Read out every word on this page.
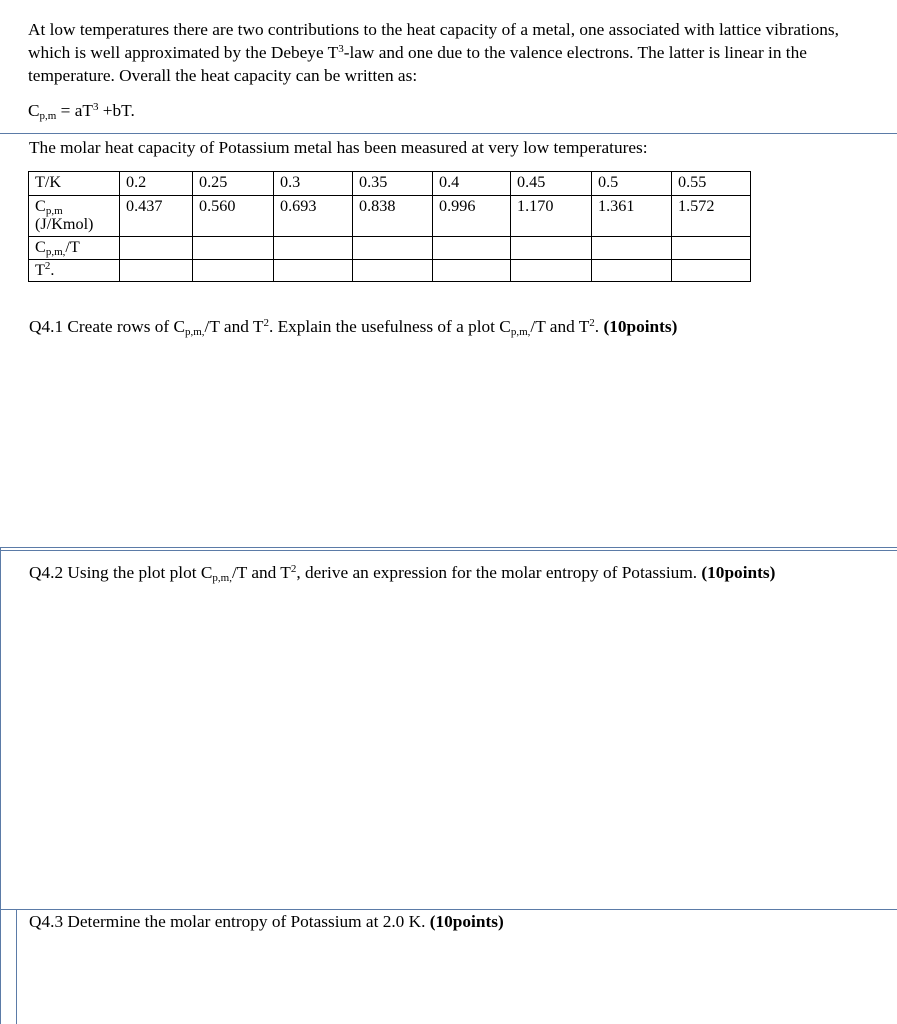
At low temperatures there are two contributions to the heat capacity of a metal, one associated with lattice vibrations, which is well approximated by the Debeye $T^3$-law and one due to the valence electrons. The latter is linear in the temperature. Overall the heat capacity can be written as:

$C_{p,m} = aT^3 +bT$.
The molar heat capacity of Potassium metal has been measured at very low temperatures:
T/K	0.2	0.25	0.3	0.35	0.4	0.45	0.5	0.55
$C_{p,m}$
(J/Kmol)	0.437	0.560	0.693	0.838	0.996	1.170	1.361	1.572
$C_{p,m,}/T$								
$T^2$.								
Q4.1 Create rows of $C_{p,m,}/T$ and $T^2$. Explain the usefulness of a plot $C_{p,m,}/T$ and $T^2$. (10points)
Q4.2 Using the plot plot $C_{p,m,}/T$ and $T^2$, derive an expression for the molar entropy of Potassium. (10points)
Q4.3 Determine the molar entropy of Potassium at 2.0 K. (10points)
